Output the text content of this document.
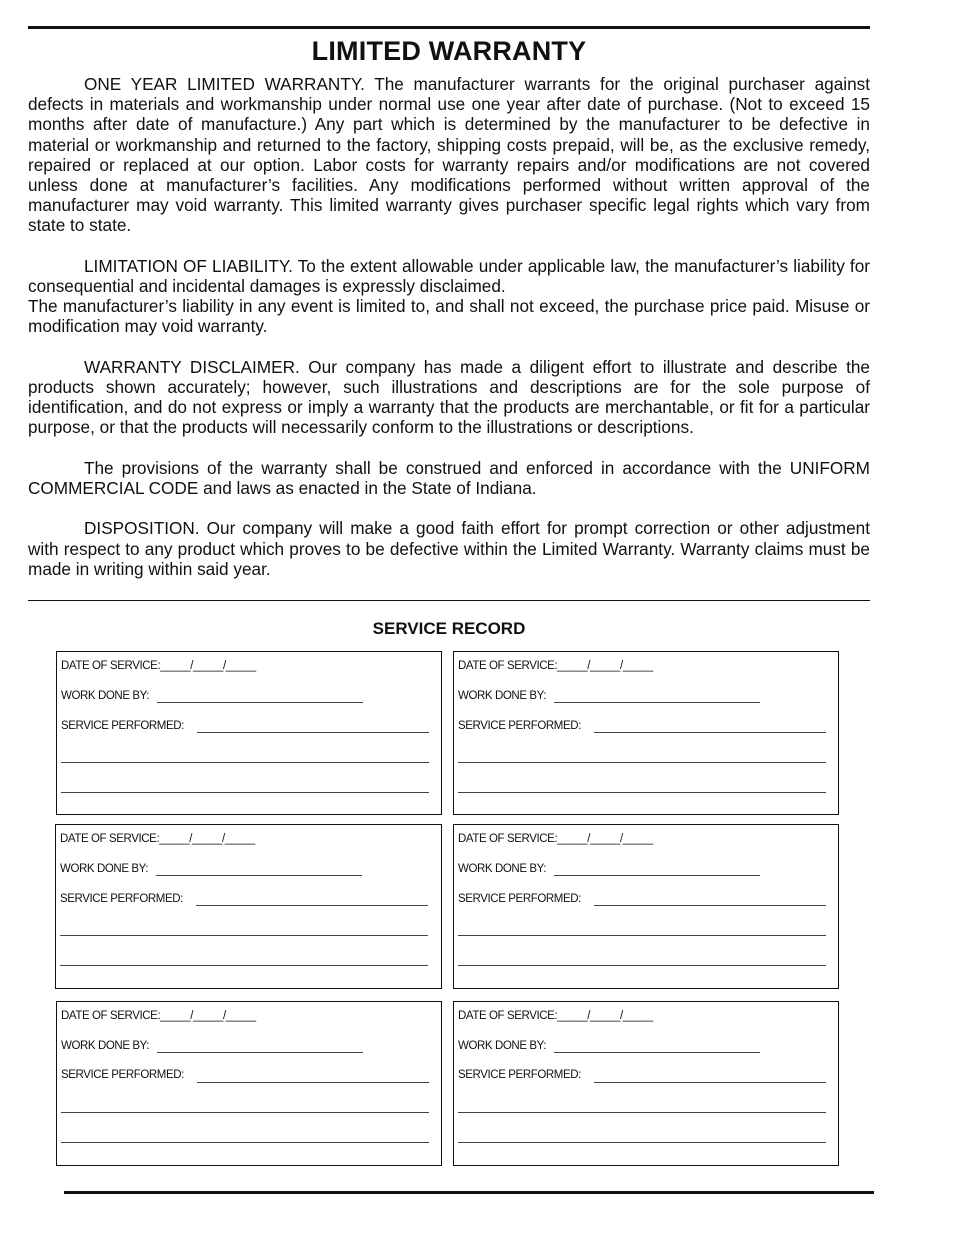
LIMITED WARRANTY

ONE YEAR LIMITED WARRANTY. The manufacturer warrants for the original purchaser against defects in materials and workmanship under normal use one year after date of purchase. (Not to exceed 15 months after date of manufacture.) Any part which is determined by the manufacturer to be defective in material or workmanship and returned to the factory, shipping costs prepaid, will be, as the exclusive remedy, repaired or replaced at our option. Labor costs for warranty repairs and/or modifications are not covered unless done at manufacturer’s facilities. Any modifications performed without written approval of the manufacturer may void warranty. This limited warranty gives purchaser specific legal rights which vary from state to state.

LIMITATION OF LIABILITY. To the extent allowable under applicable law, the manufacturer’s liability for consequential and incidental damages is expressly disclaimed.
The manufacturer’s liability in any event is limited to, and shall not exceed, the purchase price paid. Misuse or modification may void warranty.

WARRANTY DISCLAIMER. Our company has made a diligent effort to illustrate and describe the products shown accurately; however, such illustrations and descriptions are for the sole purpose of identification, and do not express or imply a warranty that the products are merchantable, or fit for a particular purpose, or that the products will necessarily conform to the illustrations or descriptions.

The provisions of the warranty shall be construed and enforced in accordance with the UNIFORM COMMERCIAL CODE and laws as enacted in the State of Indiana.

DISPOSITION. Our company will make a good faith effort for prompt correction or other adjustment with respect to any product which proves to be defective within the Limited Warranty. Warranty claims must be made in writing within said year.

SERVICE RECORD
DATE OF SERVICE:_____/_____/_____
WORK DONE BY:
SERVICE PERFORMED:
DATE OF SERVICE:_____/_____/_____
WORK DONE BY:
SERVICE PERFORMED:
DATE OF SERVICE:_____/_____/_____
WORK DONE BY:
SERVICE PERFORMED:
DATE OF SERVICE:_____/_____/_____
WORK DONE BY:
SERVICE PERFORMED:
DATE OF SERVICE:_____/_____/_____
WORK DONE BY:
SERVICE PERFORMED:
DATE OF SERVICE:_____/_____/_____
WORK DONE BY:
SERVICE PERFORMED:
